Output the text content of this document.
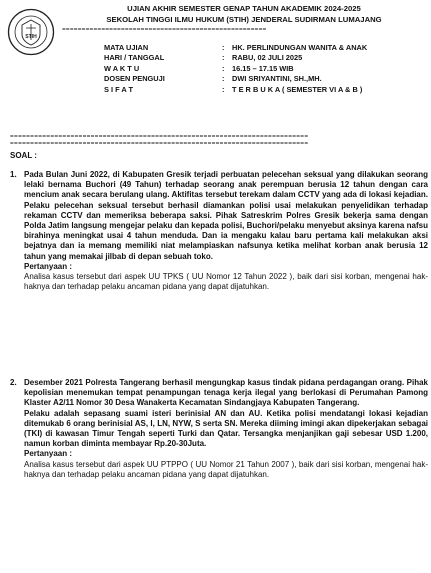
STIH
UJIAN AKHIR SEMESTER GENAP TAHUN AKADEMIK 2024-2025
SEKOLAH TINGGI ILMU HUKUM (STIH) JENDERAL SUDIRMAN LUMAJANG
====================================================
MATA UJIAN	:	HK. PERLINDUNGAN WANITA & ANAK
HARI / TANGGAL	:	RABU, 02 JULI 2025
W A K T U	:	16.15 – 17.15 WIB
DOSEN PENGUJI	:	DWI SRIYANTINI, SH.,MH.
S I F A T	:	T E R B U K A ( SEMESTER VI A & B )
==========================================================================
==========================================================================
SOAL :
1. Pada Bulan Juni 2022, di Kabupaten Gresik terjadi perbuatan pelecehan seksual yang dilakukan seorang lelaki bernama Buchori (49 Tahun) terhadap seorang anak perempuan berusia 12 tahun dengan cara mencium anak secara berulang ulang. Aktifitas tersebut terekam dalam CCTV yang ada di lokasi kejadian. Pelaku pelecehan seksual tersebut berhasil diamankan polisi usai melakukan penyelidikan terhadap rekaman CCTV dan memeriksa beberapa saksi. Pihak Satreskrim Polres Gresik bekerja sama dengan Polda Jatim langsung mengejar pelaku dan kepada polisi, Buchori/pelaku menyebut aksinya karena nafsu birahinya meningkat usai 4 tahun menduda. Dan ia mengaku kalau baru pertama kali melakukan aksi bejatnya dan ia memang memiliki niat melampiaskan nafsunya ketika melihat korban anak berusia 12 tahun yang memakai jilbab di depan sebuah toko.

Pertanyaan :

Analisa kasus tersebut dari aspek UU TPKS ( UU Nomor 12 Tahun 2022 ), baik dari sisi korban, mengenai hak-haknya dan terhadap pelaku ancaman pidana yang dapat dijatuhkan.

2. Desember 2021 Polresta Tangerang berhasil mengungkap kasus tindak pidana perdagangan orang. Pihak kepolisian menemukan tempat penampungan tenaga kerja ilegal yang berlokasi di Perumahan Pamong Klaster A2/11 Nomor 30 Desa Wanakerta Kecamatan Sindangjaya Kabupaten Tangerang.

Pelaku adalah sepasang suami isteri berinisial AN dan AU. Ketika polisi mendatangi lokasi kejadian ditemukab 6 orang berinisial AS, I, LN, NYW, S serta SN. Mereka diiming imingi akan dipekerjakan sebagai (TKI) di kawasan Timur Tengah seperti Turki dan Qatar. Tersangka menjanjikan gaji sebesar USD 1.200, namun korban diminta membayar Rp.20-30Juta.

Pertanyaan :

Analisa kasus tersebut dari aspek UU PTPPO ( UU Nomor 21 Tahun 2007 ), baik dari sisi korban, mengenai hak-haknya dan terhadap pelaku ancaman pidana yang dapat dijatuhkan.
